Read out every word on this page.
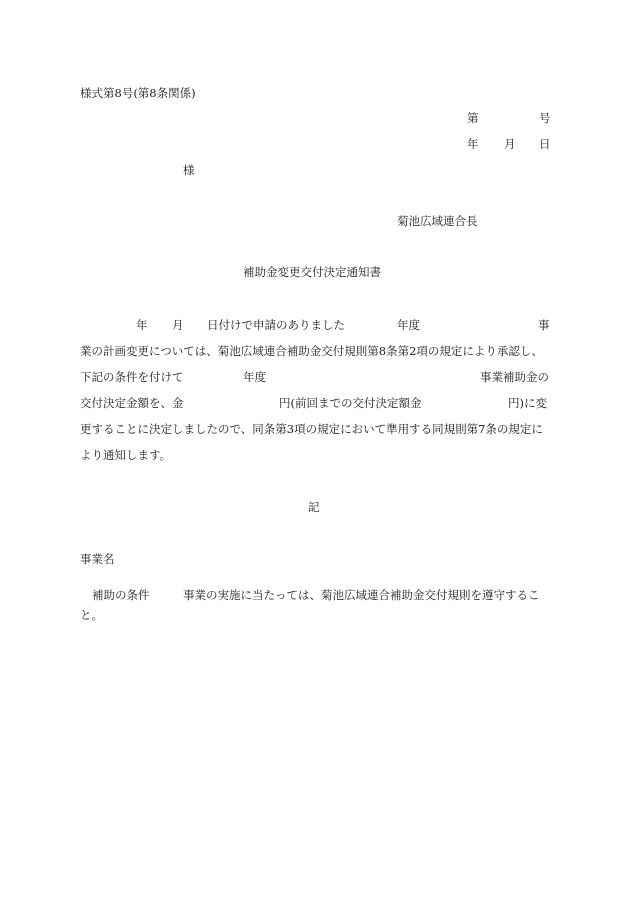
様式第8号(第8条関係)
第	号
年 月 日
様
菊池広域連合長
補助金変更交付決定通知書
年 月 日付けで申請のありました	年度	事
業の計画変更については、菊池広域連合補助金交付規則第8条第2項の規定により承認し、
下記の条件を付けて	年度	事業補助金の
交付決定金額を、金	円(前回までの交付決定額金	円)に変
更することに決定しましたので、同条第3項の規定において準用する同規則第7条の規定に
より通知します。
記
事業名
補助の条件	事業の実施に当たっては、菊池広域連合補助金交付規則を遵守するこ
と。
